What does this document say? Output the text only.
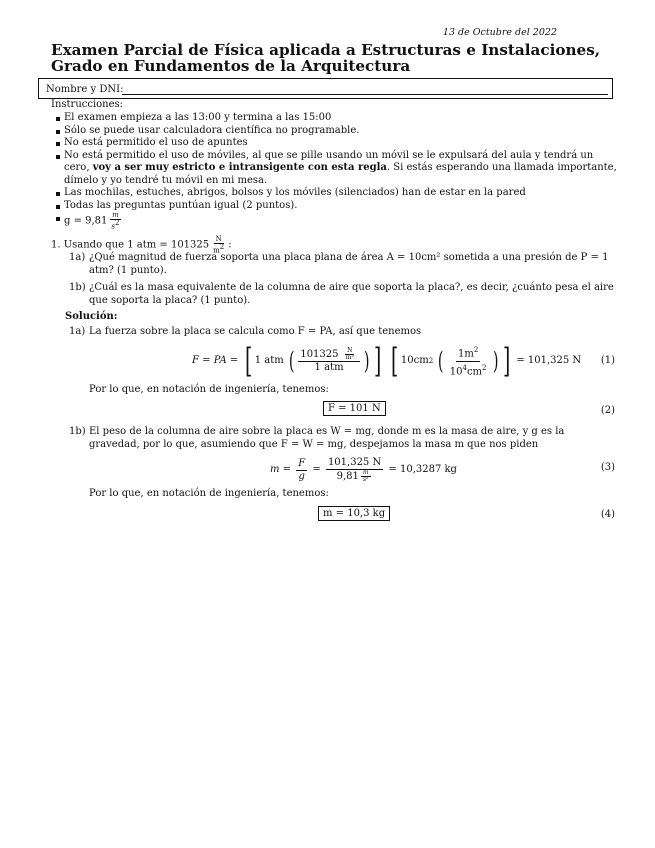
13 de Octubre del 2022
Examen Parcial de Física aplicada a Estructuras e Instalaciones,
Grado en Fundamentos de la Arquitectura
Nombre y DNI:
Instrucciones:
El examen empieza a las 13:00 y termina a las 15:00
Sólo se puede usar calculadora científica no programable.
No está permitido el uso de apuntes
No está permitido el uso de móviles, al que se pille usando un móvil se le expulsará del aula y tendrá un cero, voy a ser muy estricto e intransigente con esta regla. Si estás esperando una llamada importante, dímelo y yo tendré tu móvil en mi mesa.
Las mochilas, estuches, abrigos, bolsos y los móviles (silenciados) han de estar en la pared
Todas las preguntas puntúan igual (2 puntos).
$g = 9,81 \frac{m}{s^2}$
1. Usando que 1 atm = $101325 \frac{N}{m^2}$ :
1a) ¿Qué magnitud de fuerza soporta una placa plana de área A = 10cm² sometida a una presión de P = 1 atm? (1 punto).
1b) ¿Cuál es la masa equivalente de la columna de aire que soporta la placa?, es decir, ¿cuánto pesa el aire que soporta la placa? (1 punto).
Solución:
1a) La fuerza sobre la placa se calcula como F = PA, así que tenemos
F = PA = [ 1 atm ( $\frac{101325 \frac{N}{\text{m²}}}{\text{1 atm}}$ ) ]
[ 10cm 2
( $\frac{1m^2}{10^4cm^2}$ ) ]
= 101,325 N (1)
Por lo que, en notación de ingeniería, tenemos:
F = 101 N	(2)
1b) El peso de la columna de aire sobre la placa es W = mg, donde m es la masa de aire, y g es la gravedad, por lo que, asumiendo que F = W = mg, despejamos la masa m que nos piden
$m = \frac{F}{g} = \frac{101,325 N}{9,81 \frac{m}{\text{s²}}}$
= 10,3287 kg	(3)
Por lo que, en notación de ingeniería, tenemos:
m = 10,3 kg	(4)
